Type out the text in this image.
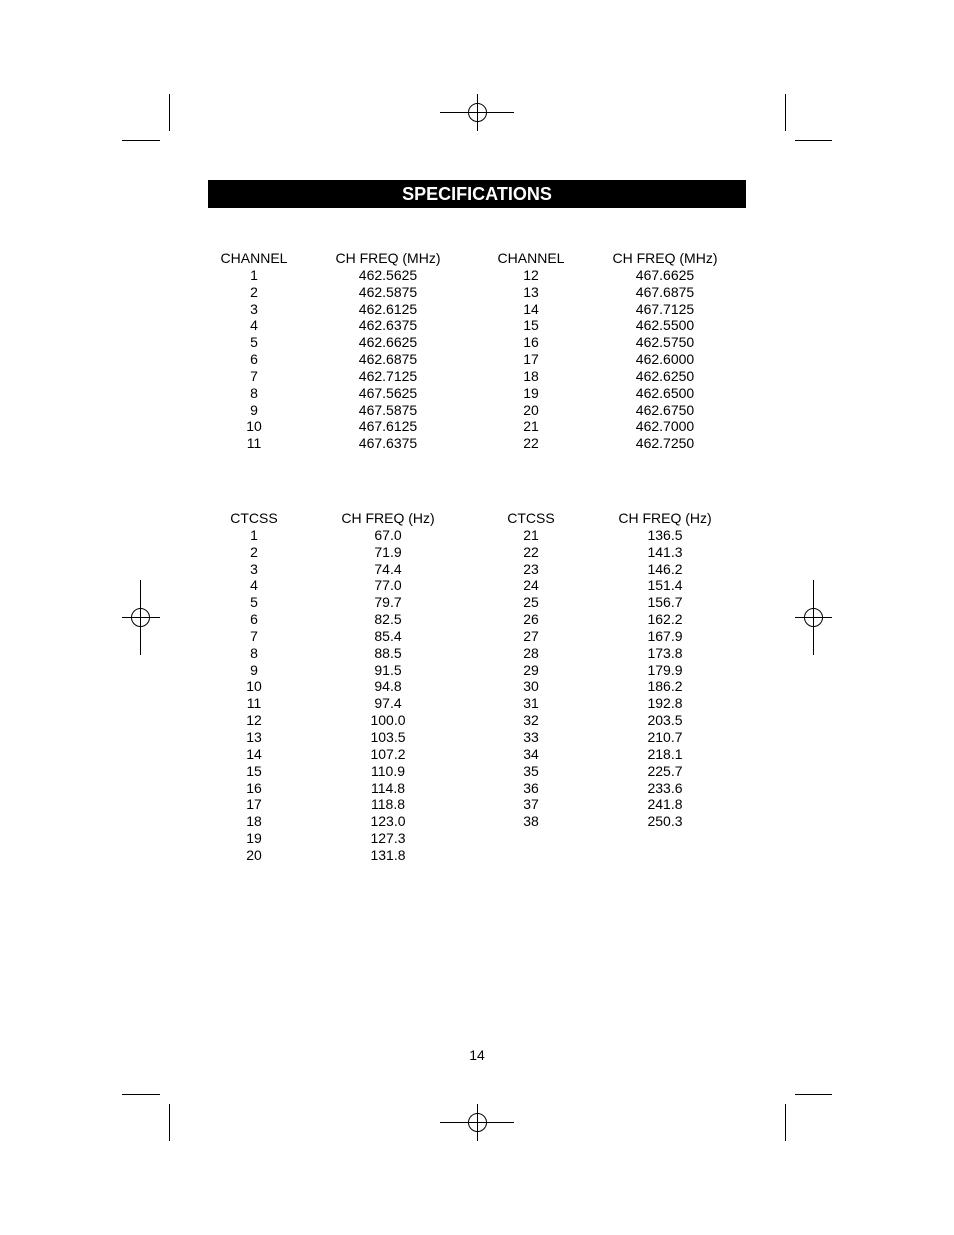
SPECIFICATIONS
CHANNEL
1
2
3
4
5
6
7
8
9
10
11
CH FREQ (MHz)
462.5625
462.5875
462.6125
462.6375
462.6625
462.6875
462.7125
467.5625
467.5875
467.6125
467.6375
CHANNEL
12
13
14
15
16
17
18
19
20
21
22
CH FREQ (MHz)
467.6625
467.6875
467.7125
462.5500
462.5750
462.6000
462.6250
462.6500
462.6750
462.7000
462.7250
CTCSS
1
2
3
4
5
6
7
8
9
10
11
12
13
14
15
16
17
18
19
20
CH FREQ (Hz)
67.0
71.9
74.4
77.0
79.7
82.5
85.4
88.5
91.5
94.8
97.4
100.0
103.5
107.2
110.9
114.8
118.8
123.0
127.3
131.8
CTCSS
21
22
23
24
25
26
27
28
29
30
31
32
33
34
35
36
37
38
CH FREQ (Hz)
136.5
141.3
146.2
151.4
156.7
162.2
167.9
173.8
179.9
186.2
192.8
203.5
210.7
218.1
225.7
233.6
241.8
250.3
14
